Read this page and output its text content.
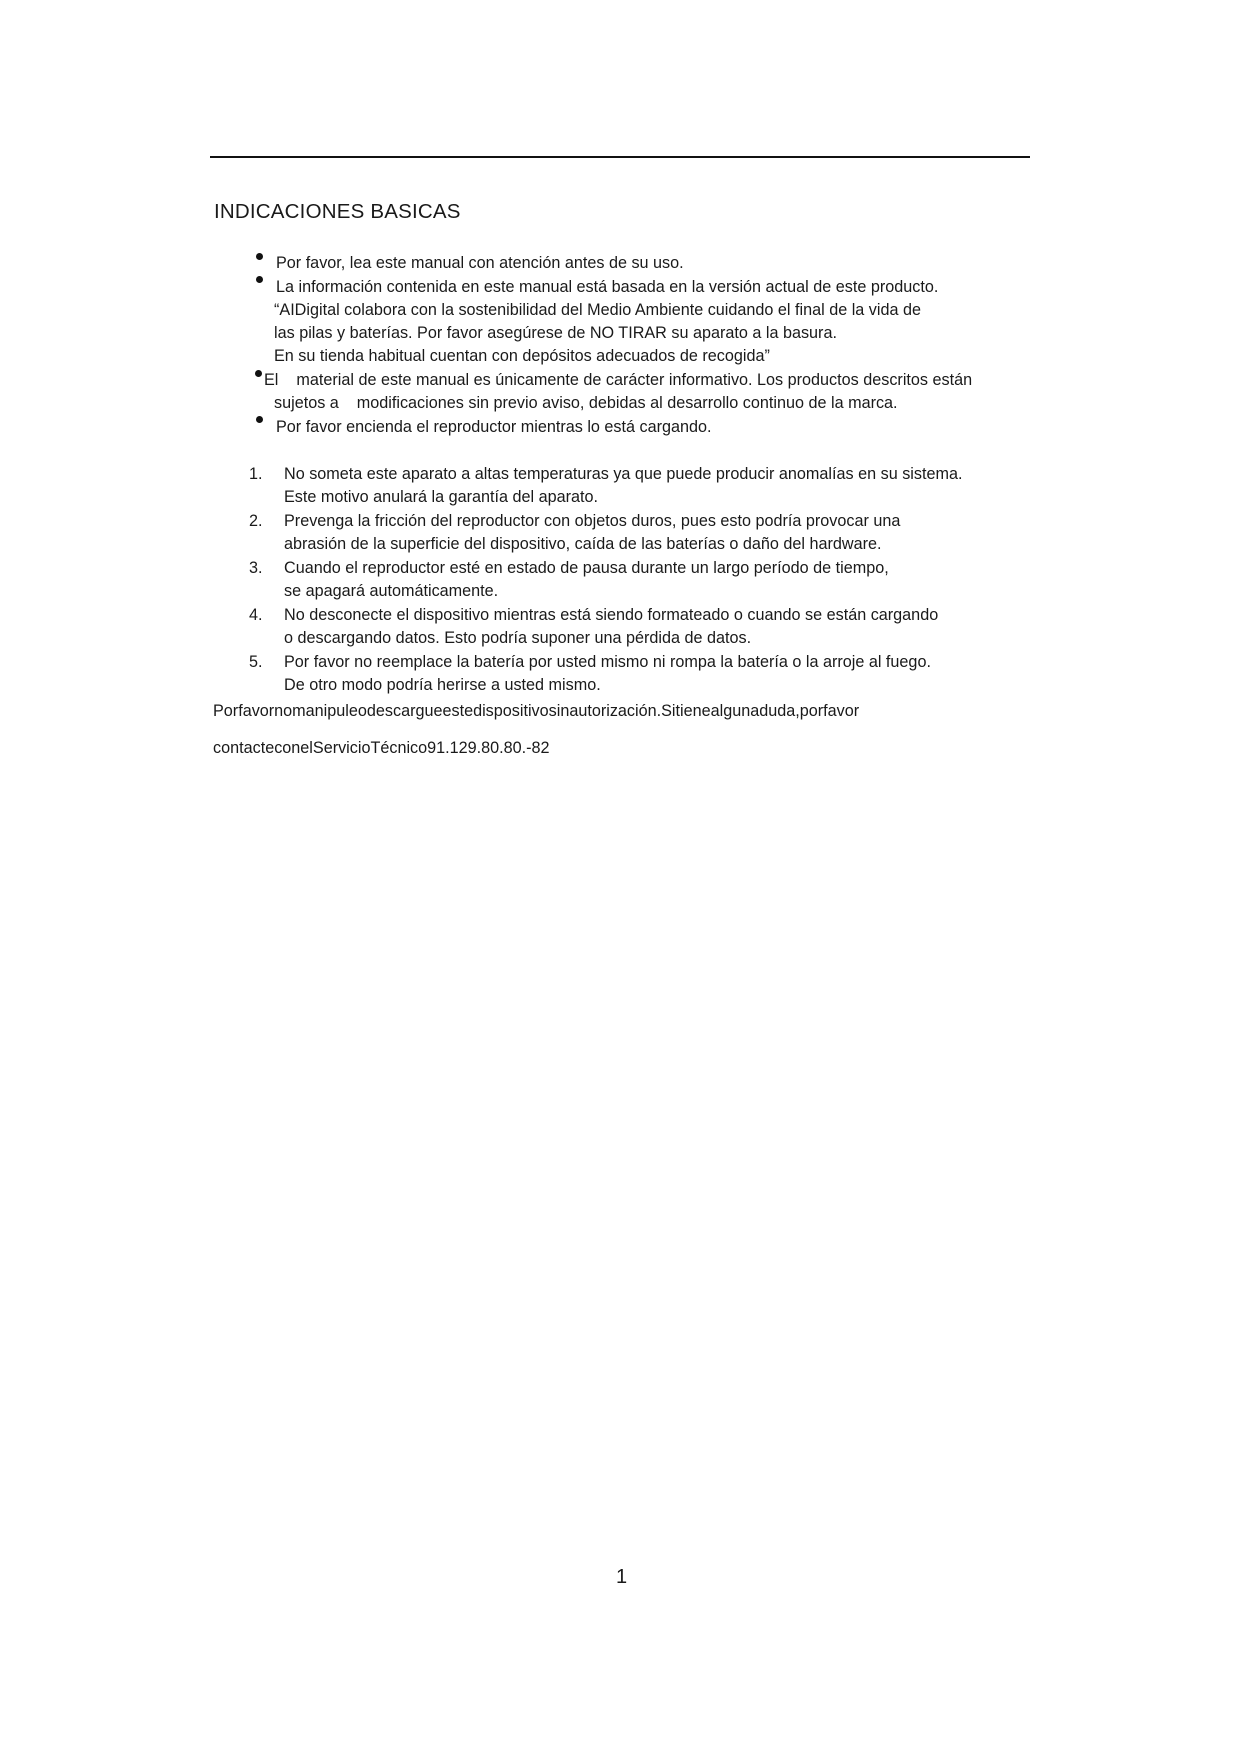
INDICACIONES BASICAS
Por favor, lea este manual con atención antes de su uso.
La información contenida en este manual está basada en la versión actual de este producto.
“AIDigital colabora con la sostenibilidad del Medio Ambiente cuidando el final de la vida de
las pilas y baterías. Por favor asegúrese de NO TIRAR su aparato a la basura.
En su tienda habitual cuentan con depósitos adecuados de recogida”
El    material de este manual es únicamente de carácter informativo. Los productos descritos están
sujetos a    modificaciones sin previo aviso, debidas al desarrollo continuo de la marca.
Por favor encienda el reproductor mientras lo está cargando.
1. No someta este aparato a altas temperaturas ya que puede producir anomalías en su sistema.
Este motivo anulará la garantía del aparato.
2. Prevenga la fricción del reproductor con objetos duros, pues esto podría provocar una
abrasión de la superficie del dispositivo, caída de las baterías o daño del hardware.
3. Cuando el reproductor esté en estado de pausa durante un largo período de tiempo,
se apagará automáticamente.
4. No desconecte el dispositivo mientras está siendo formateado o cuando se están cargando
o descargando datos. Esto podría suponer una pérdida de datos.
5. Por favor no reemplace la batería por usted mismo ni rompa la batería o la arroje al fuego.
De otro modo podría herirse a usted mismo.
Porfavornomanipuleodescargueestedispositivosinautorización.Sitienealgunaduda,porfavor
contacteconelServicioTécnico91.129.80.80.-82
1
